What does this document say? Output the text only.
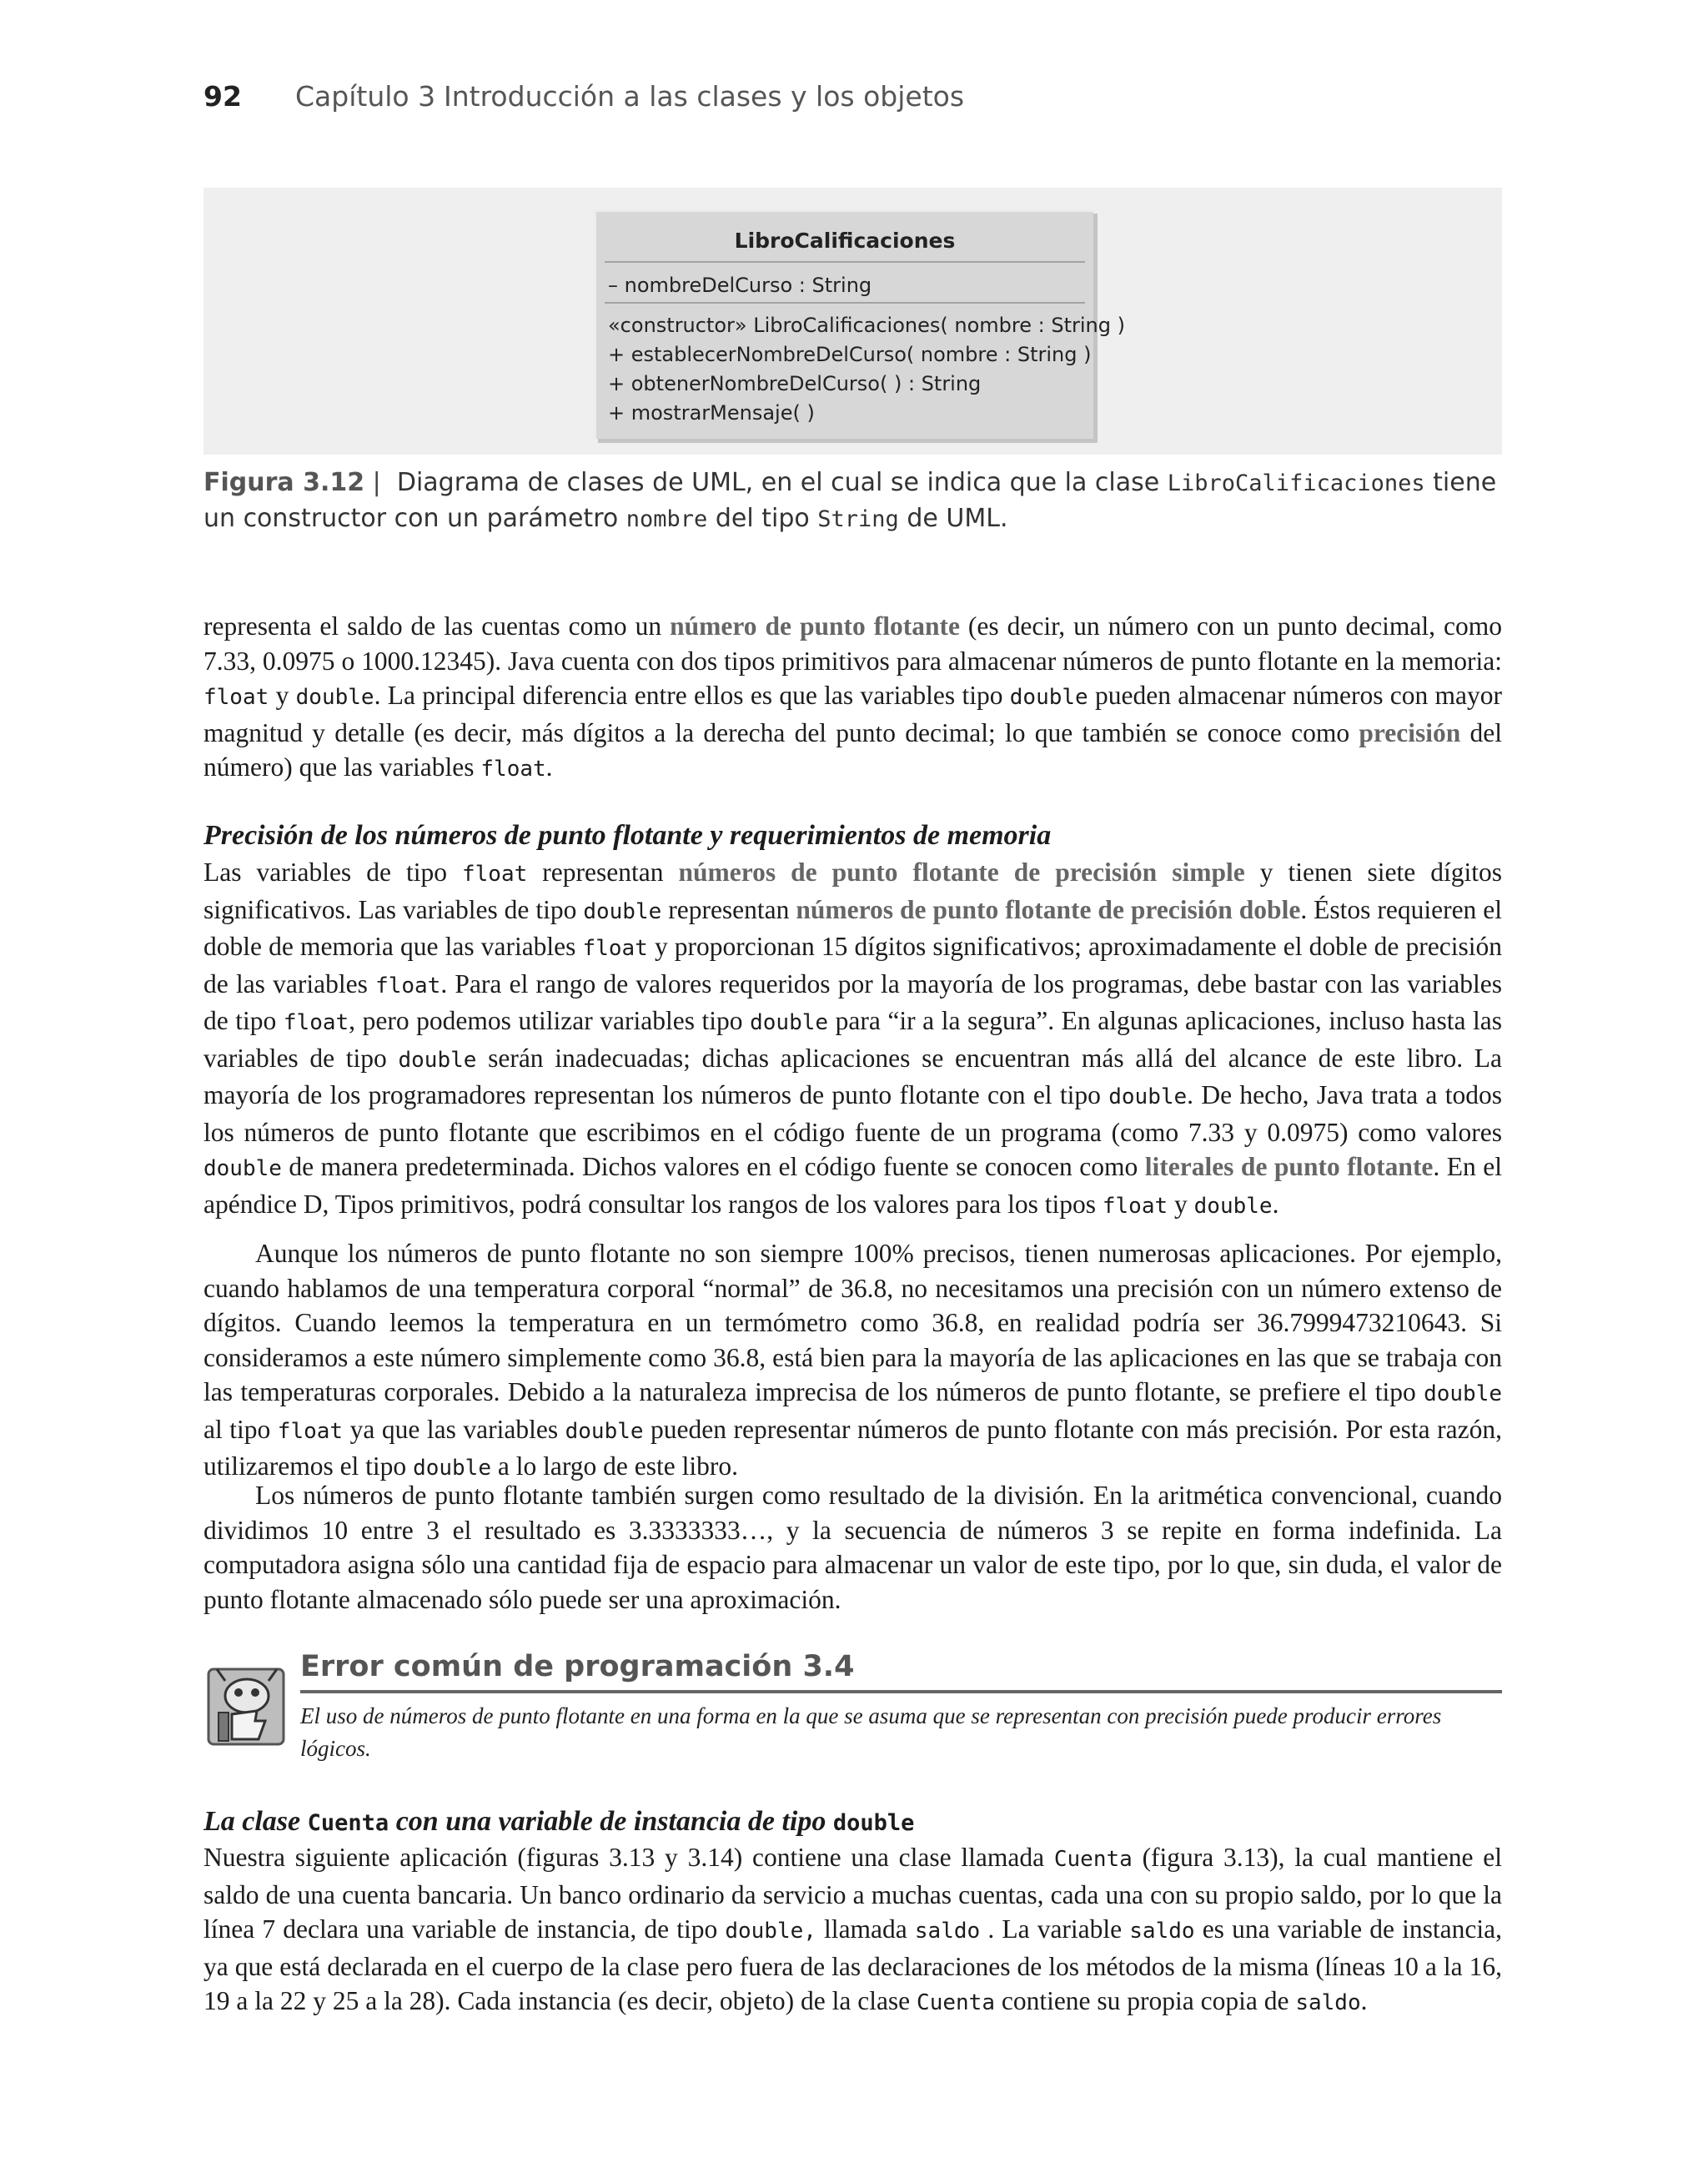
92 Capítulo 3 Introducción a las clases y los objetos
LibroCalificaciones
– nombreDelCurso : String
«constructor» LibroCalificaciones( nombre : String )
+ establecerNombreDelCurso( nombre : String )
+ obtenerNombreDelCurso( ) : String
+ mostrarMensaje( )
Figura 3.12 | Diagrama de clases de UML, en el cual se indica que la clase LibroCalificaciones tiene un constructor con un parámetro nombre del tipo String de UML.
representa el saldo de las cuentas como un número de punto flotante (es decir, un número con un punto decimal, como 7.33, 0.0975 o 1000.12345). Java cuenta con dos tipos primitivos para almacenar números de punto flotante en la memoria: float y double. La principal diferencia entre ellos es que las variables tipo double pueden almacenar números con mayor magnitud y detalle (es decir, más dígitos a la derecha del punto decimal; lo que también se conoce como precisión del número) que las variables float.
Precisión de los números de punto flotante y requerimientos de memoria
Las variables de tipo float representan números de punto flotante de precisión simple y tienen siete dígitos significativos. Las variables de tipo double representan números de punto flotante de precisión doble. Éstos requieren el doble de memoria que las variables float y proporcionan 15 dígitos significativos; aproximadamente el doble de precisión de las variables float. Para el rango de valores requeridos por la mayoría de los programas, debe bastar con las variables de tipo float, pero podemos utilizar variables tipo double para “ir a la segura”. En algunas aplicaciones, incluso hasta las variables de tipo double serán inadecuadas; dichas aplicaciones se encuentran más allá del alcance de este libro. La mayoría de los programadores representan los números de punto flotante con el tipo double. De hecho, Java trata a todos los números de punto flotante que escribimos en el código fuente de un programa (como 7.33 y 0.0975) como valores double de manera predeterminada. Dichos valores en el código fuente se conocen como literales de punto flotante. En el apéndice D, Tipos primitivos, podrá consultar los rangos de los valores para los tipos float y double.
Aunque los números de punto flotante no son siempre 100% precisos, tienen numerosas aplicaciones. Por ejemplo, cuando hablamos de una temperatura corporal “normal” de 36.8, no necesitamos una precisión con un número extenso de dígitos. Cuando leemos la temperatura en un termómetro como 36.8, en realidad podría ser 36.7999473210643. Si consideramos a este número simplemente como 36.8, está bien para la mayoría de las aplicaciones en las que se trabaja con las temperaturas corporales. Debido a la naturaleza imprecisa de los números de punto flotante, se prefiere el tipo double al tipo float ya que las variables double pueden representar números de punto flotante con más precisión. Por esta razón, utilizaremos el tipo double a lo largo de este libro.
Los números de punto flotante también surgen como resultado de la división. En la aritmética convencional, cuando dividimos 10 entre 3 el resultado es 3.3333333…, y la secuencia de números 3 se repite en forma indefinida. La computadora asigna sólo una cantidad fija de espacio para almacenar un valor de este tipo, por lo que, sin duda, el valor de punto flotante almacenado sólo puede ser una aproximación.
Error común de programación 3.4
El uso de números de punto flotante en una forma en la que se asuma que se representan con precisión puede producir errores lógicos.
La clase Cuenta con una variable de instancia de tipo double
Nuestra siguiente aplicación (figuras 3.13 y 3.14) contiene una clase llamada Cuenta (figura 3.13), la cual mantiene el saldo de una cuenta bancaria. Un banco ordinario da servicio a muchas cuentas, cada una con su propio saldo, por lo que la línea 7 declara una variable de instancia, de tipo double, llamada saldo . La variable saldo es una variable de instancia, ya que está declarada en el cuerpo de la clase pero fuera de las declaraciones de los métodos de la misma (líneas 10 a la 16, 19 a la 22 y 25 a la 28). Cada instancia (es decir, objeto) de la clase Cuenta contiene su propia copia de saldo.
